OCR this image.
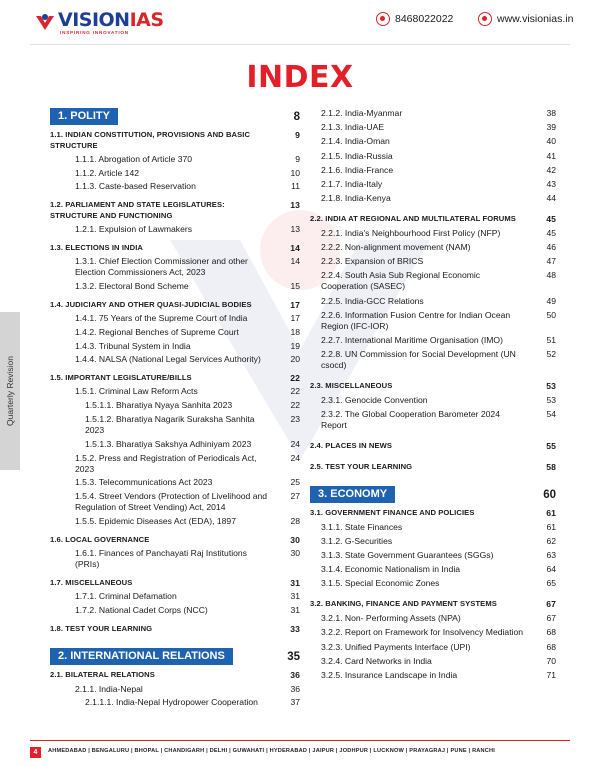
VISIONIAS
INSPIRING INNOVATION
8468022022	www.visionias.in
Quarterly Revision
INDEX
1. POLITY	8
1.1. INDIAN CONSTITUTION, PROVISIONS AND BASIC STRUCTURE
9
1.1.1. Abrogation of Article 370	9
1.1.2. Article 142	10
1.1.3. Caste-based Reservation	11
1.2. PARLIAMENT AND STATE LEGISLATURES: STRUCTURE AND FUNCTIONING
13
1.2.1. Expulsion of Lawmakers	13
1.3. ELECTIONS IN INDIA	14
1.3.1. Chief Election Commissioner and other Election Commissioners Act, 2023
14
1.3.2. Electoral Bond Scheme	15
1.4. JUDICIARY AND OTHER QUASI-JUDICIAL BODIES	17
1.4.1. 75 Years of the Supreme Court of India	17
1.4.2. Regional Benches of Supreme Court	18
1.4.3. Tribunal System in India	19
1.4.4. NALSA (National Legal Services Authority)	20
1.5. IMPORTANT LEGISLATURE/BILLS	22
1.5.1. Criminal Law Reform Acts	22
1.5.1.1. Bharatiya Nyaya Sanhita 2023	22
1.5.1.2. Bharatiya Nagarik Suraksha Sanhita 2023
23
1.5.1.3. Bharatiya Sakshya Adhiniyam 2023	24
1.5.2. Press and Registration of Periodicals Act, 2023
24
1.5.3. Telecommunications Act 2023	25
1.5.4. Street Vendors (Protection of Livelihood and Regulation of Street Vending) Act, 2014
27
1.5.5. Epidemic Diseases Act (EDA), 1897	28
1.6. LOCAL GOVERNANCE	30
1.6.1. Finances of Panchayati Raj Institutions (PRIs)
30
1.7. MISCELLANEOUS	31
1.7.1. Criminal Defamation	31
1.7.2. National Cadet Corps (NCC)	31
1.8. TEST YOUR LEARNING	33
2. INTERNATIONAL RELATIONS	35
2.1. BILATERAL RELATIONS	36
2.1.1. India-Nepal	36
2.1.1.1. India-Nepal Hydropower Cooperation	37
2.1.2. India-Myanmar	38
2.1.3. India-UAE	39
2.1.4. India-Oman	40
2.1.5. India-Russia	41
2.1.6. India-France	42
2.1.7. India-Italy	43
2.1.8. India-Kenya	44
2.2. INDIA AT REGIONAL AND MULTILATERAL FORUMS	45
2.2.1. India's Neighbourhood First Policy (NFP)	45
2.2.2. Non-alignment movement (NAM)	46
2.2.3. Expansion of BRICS	47
2.2.4. South Asia Sub Regional Economic Cooperation (SASEC)
48
2.2.5. India-GCC Relations	49
2.2.6. Information Fusion Centre for Indian Ocean Region (IFC-IOR)
50
2.2.7. International Maritime Organisation (IMO)	51
2.2.8. UN Commission for Social Development (UN csocd)
52
2.3. MISCELLANEOUS	53
2.3.1. Genocide Convention	53
2.3.2. The Global Cooperation Barometer 2024 Report
54
2.4. PLACES IN NEWS	55
2.5. TEST YOUR LEARNING	58
3. ECONOMY	60
3.1. GOVERNMENT FINANCE AND POLICIES	61
3.1.1. State Finances	61
3.1.2. G-Securities	62
3.1.3. State Government Guarantees (SGGs)	63
3.1.4. Economic Nationalism in India	64
3.1.5. Special Economic Zones	65
3.2. BANKING, FINANCE AND PAYMENT SYSTEMS	67
3.2.1. Non- Performing Assets (NPA)	67
3.2.2. Report on Framework for Insolvency Mediation	68
3.2.3. Unified Payments Interface (UPI)	68
3.2.4. Card Networks in India	70
3.2.5. Insurance Landscape in India	71
4	AHMEDABAD | BENGALURU | BHOPAL | CHANDIGARH | DELHI | GUWAHATI | HYDERABAD | JAIPUR | JODHPUR | LUCKNOW | PRAYAGRAJ | PUNE | RANCHI
